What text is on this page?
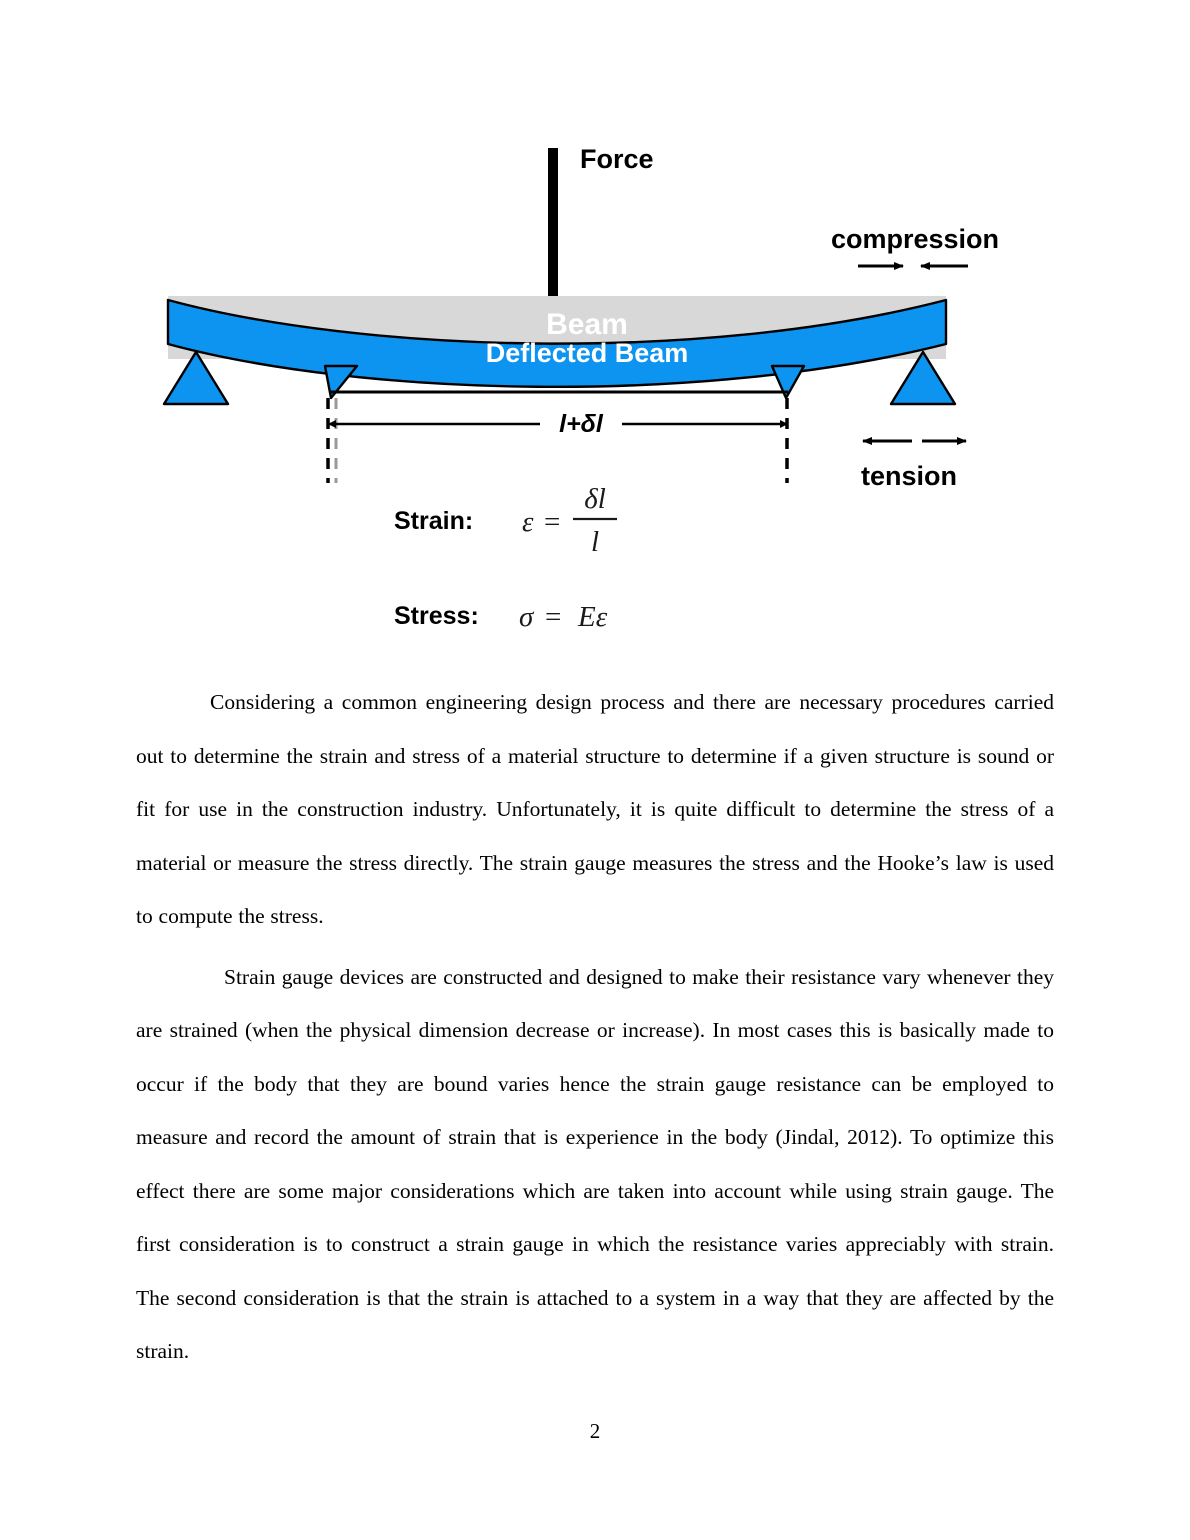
l+δl
Force
compression
tension
Beam
Deflected Beam
Strain: ε =
δl
l
Stress: σ = Eε

Considering a common engineering design process and there are necessary procedures carried out to determine the strain and stress of a material structure to determine if a given structure is sound or fit for use in the construction industry. Unfortunately, it is quite difficult to determine the stress of a material or measure the stress directly. The strain gauge measures the stress and the Hooke’s law is used to compute the stress.

Strain gauge devices are constructed and designed to make their resistance vary whenever they are strained (when the physical dimension decrease or increase). In most cases this is basically made to occur if the body that they are bound varies hence the strain gauge resistance can be employed to measure and record the amount of strain that is experience in the body (Jindal, 2012). To optimize this effect there are some major considerations which are taken into account while using strain gauge. The first consideration is to construct a strain gauge in which the resistance varies appreciably with strain. The second consideration is that the strain is attached to a system in a way that they are affected by the strain.

2
